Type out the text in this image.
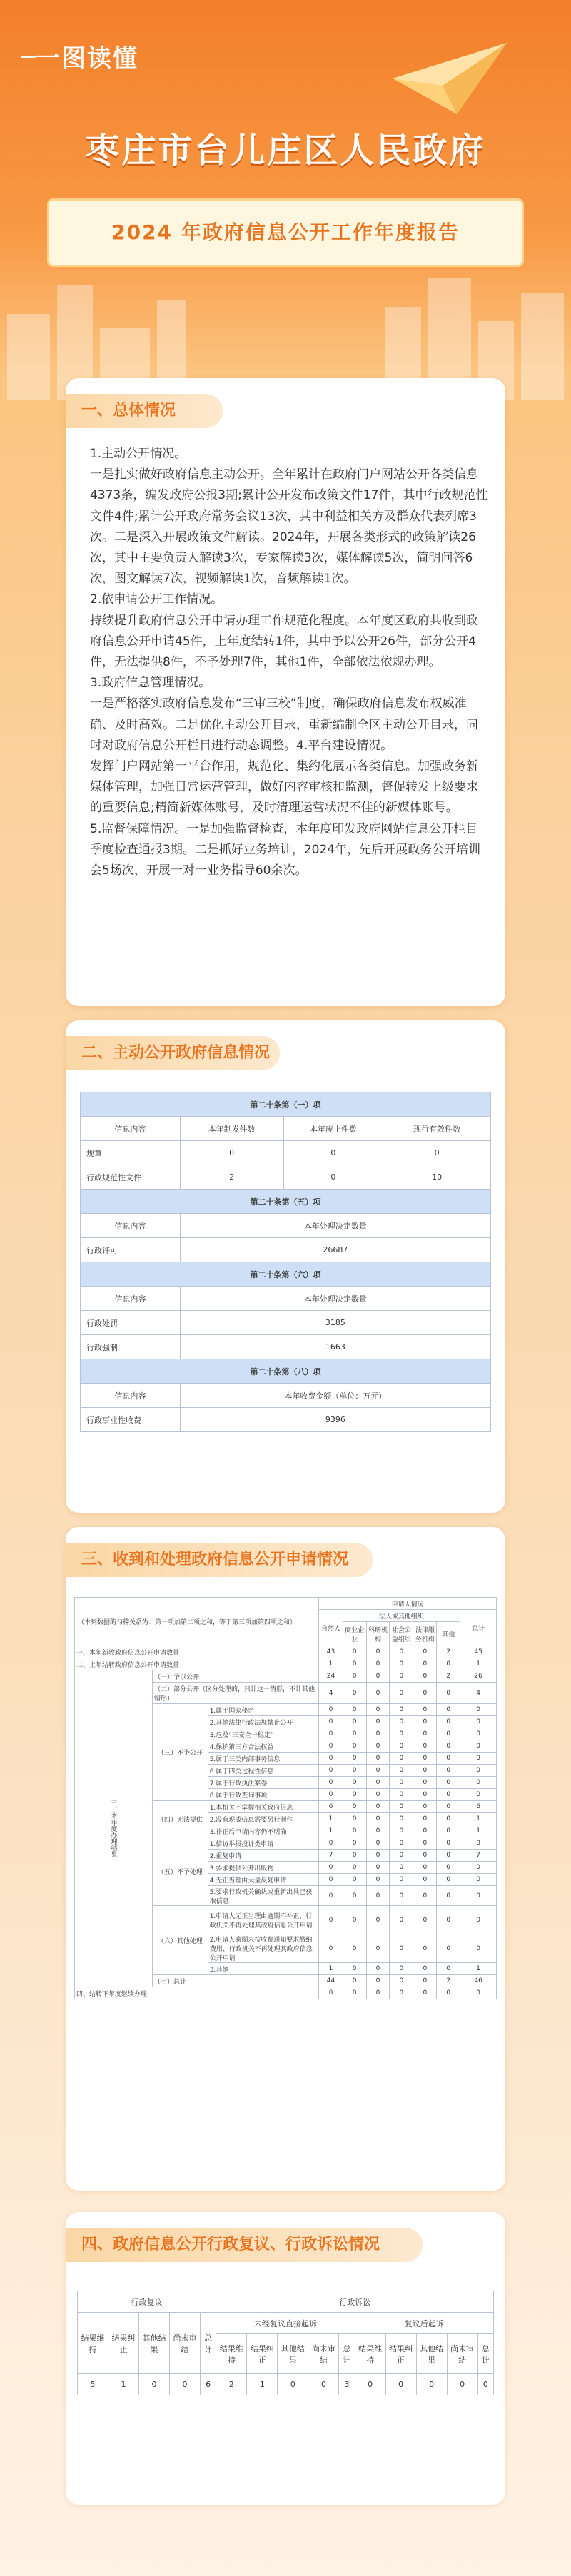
一图读懂
枣庄市台儿庄区人民政府
2024 年政府信息公开工作年度报告
一、总体情况

1.主动公开情况。

一是扎实做好政府信息主动公开。全年累计在政府门户网站公开各类信息4373条，编发政府公报3期;累计公开发布政策文件17件，其中行政规范性文件4件;累计公开政府常务会议13次，其中利益相关方及群众代表列席3次。二是深入开展政策文件解读。2024年，开展各类形式的政策解读26次，其中主要负责人解读3次，专家解读3次，媒体解读5次，简明问答6次，图文解读7次，视频解读1次，音频解读1次。

2.依申请公开工作情况。

持续提升政府信息公开申请办理工作规范化程度。本年度区政府共收到政府信息公开申请45件，上年度结转1件，其中予以公开26件，部分公开4件，无法提供8件，不予处理7件，其他1件，全部依法依规办理。

3.政府信息管理情况。

一是严格落实政府信息发布“三审三校”制度，确保政府信息发布权威准确、及时高效。二是优化主动公开目录，重新编制全区主动公开目录，同时对政府信息公开栏目进行动态调整。4.平台建设情况。

发挥门户网站第一平台作用，规范化、集约化展示各类信息。加强政务新媒体管理，加强日常运营管理，做好内容审核和监测，督促转发上级要求的重要信息;精简新媒体账号，及时清理运营状况不佳的新媒体账号。

5.监督保障情况。一是加强监督检查，本年度印发政府网站信息公开栏目季度检查通报3期。二是抓好业务培训，2024年，先后开展政务公开培训会5场次，开展一对一业务指导60余次。

二、主动公开政府信息情况
第二十条第（一）项			
信息内容	本年制发件数	本年废止件数	现行有效件数
规章	0	0	0
行政规范性文件	2	0	10
第二十条第（五）项			
信息内容	本年处理决定数量		
行政许可	26687		
第二十条第（六）项			
信息内容	本年处理决定数量		
行政处罚	3185		
行政强制	1663		
第二十条第（八）项			
信息内容	本年收费金额（单位：万元）		
行政事业性收费	9396		
三、收到和处理政府信息公开申请情况
（本列数据的勾稽关系为：第一项加第二项之和，等于第三项加第四项之和）			申请人情况						
			自然人	法人或其他组织					总计
				商业企业	科研机构	社会公益组织	法律服务机构	其他	
一、本年新收政府信息公开申请数量			43	0	0	0	0	2	45
二、上年结转政府信息公开申请数量			1	0	0	0	0	0	1
三、本年度办理结果	（一）予以公开		24	0	0	0	0	2	26
	（二）部分公开（区分处理的，只计这一情形，不计其他情形）		4	0	0	0	0	0	4
	（三）不予公开	1.属于国家秘密	0	0	0	0	0	0	0
		2.其他法律行政法规禁止公开	0	0	0	0	0	0	0
		3.危及“三安全一稳定”	0	0	0	0	0	0	0
		4.保护第三方合法权益	0	0	0	0	0	0	0
		5.属于三类内部事务信息	0	0	0	0	0	0	0
		6.属于四类过程性信息	0	0	0	0	0	0	0
		7.属于行政执法案卷	0	0	0	0	0	0	0
		8.属于行政查询事项	0	0	0	0	0	0	0
	（四）无法提供	1.本机关不掌握相关政府信息	6	0	0	0	0	0	6
		2.没有现成信息需要另行制作	1	0	0	0	0	0	1
		3.补正后申请内容仍不明确	1	0	0	0	0	0	1
	（五）不予处理	1.信访举报投诉类申请	0	0	0	0	0	0	0
		2.重复申请	7	0	0	0	0	0	7
		3.要求提供公开出版物	0	0	0	0	0	0	0
		4.无正当理由大量反复申请	0	0	0	0	0	0	0
		5.要求行政机关确认或重新出具已获取信息	0	0	0	0	0	0	0
	（六）其他处理	1.申请人无正当理由逾期不补正、行政机关不再处理其政府信息公开申请	0	0	0	0	0	0	0
		2.申请人逾期未按收费通知要求缴纳费用、行政机关不再处理其政府信息公开申请	0	0	0	0	0	0	0
		3.其他	1	0	0	0	0	0	1
	（七）总计		44	0	0	0	0	2	46
四、结转下年度继续办理			0	0	0	0	0	0	0
四、政府信息公开行政复议、行政诉讼情况
行政复议					行政诉讼									
结果维持	结果纠正	其他结果	尚未审结	总计	未经复议直接起诉					复议后起诉				
					结果维持	结果纠正	其他结果	尚未审结	总计	结果维持	结果纠正	其他结果	尚未审结	总计
5	1	0	0	6	2	1	0	0	3	0	0	0	0	0
